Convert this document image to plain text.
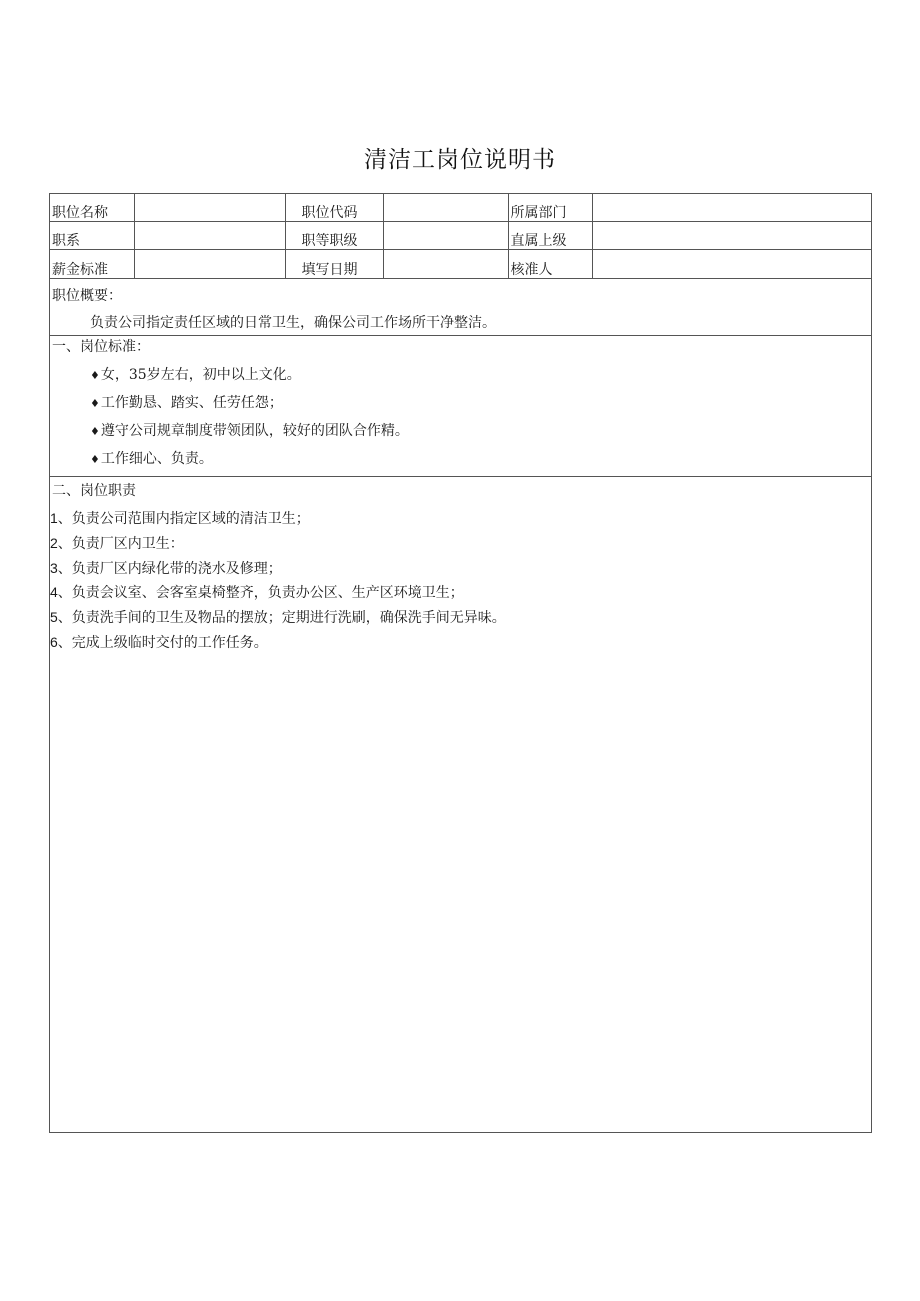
清洁工岗位说明书
职位名称		职位代码		所属部门	
职系		职等职级		直属上级	
薪金标准		填写日期		核准人	
职位概要：
负责公司指定责任区域的日常卫生，确保公司工作场所干净整洁。
一、岗位标准：
♦女，35岁左右，初中以上文化。
♦工作勤恳、踏实、任劳任怨；
♦遵守公司规章制度带领团队，较好的团队合作精。
♦工作细心、负责。
二、岗位职责
1、负责公司范围内指定区域的清洁卫生；
2、负责厂区内卫生：
3、负责厂区内绿化带的浇水及修理；
4、负责会议室、会客室桌椅整齐，负责办公区、生产区环境卫生；
5、负责洗手间的卫生及物品的摆放；定期进行洗刷，确保洗手间无异味。
6、完成上级临时交付的工作任务。
